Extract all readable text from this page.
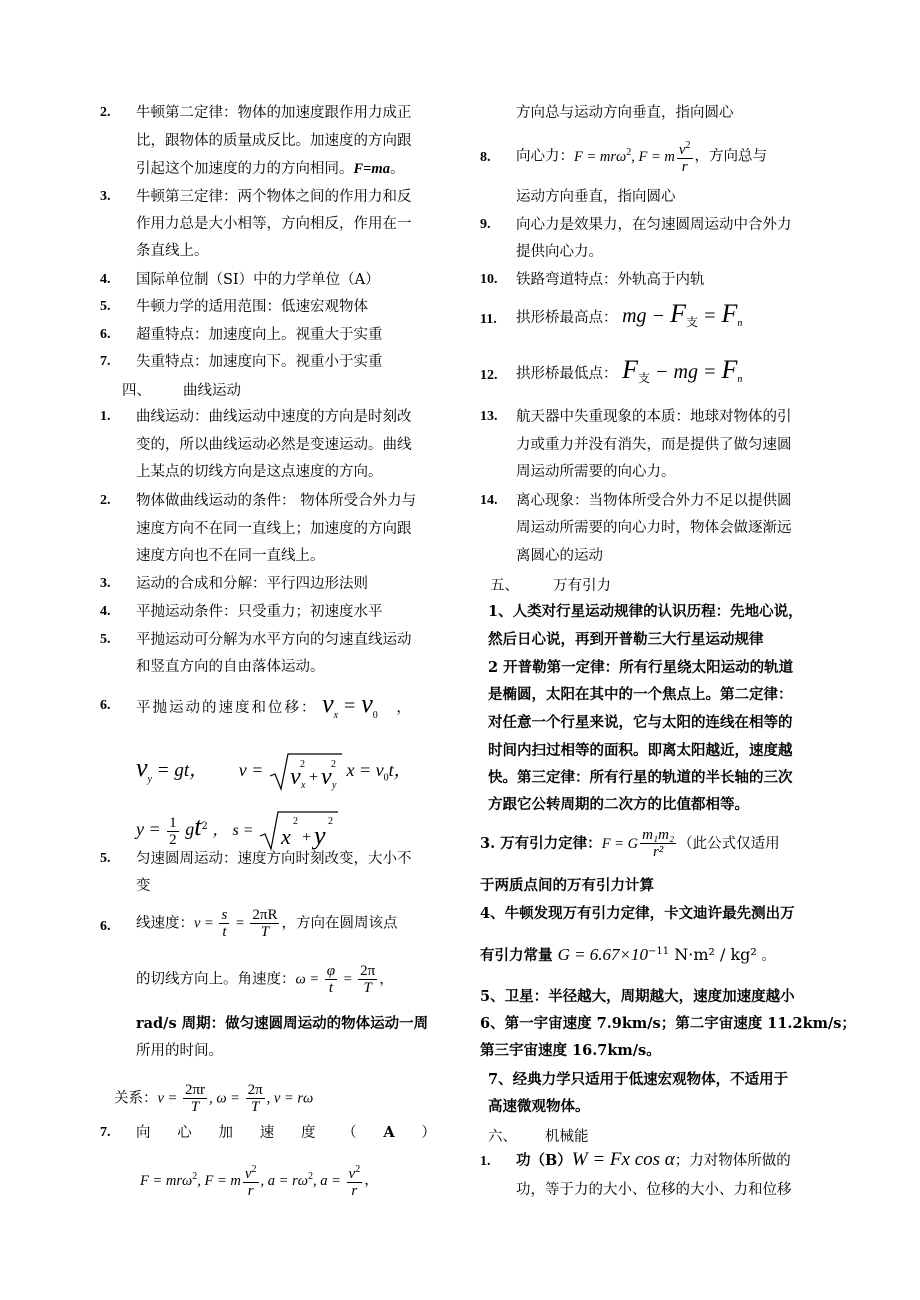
2. 牛顿第二定律：物体的加速度跟作用力成正
比，跟物体的质量成反比。加速度的方向跟
引起这个加速度的力的方向相同。F=ma。
3. 牛顿第三定律：两个物体之间的作用力和反
作用力总是大小相等，方向相反，作用在一
条直线上。
4. 国际单位制（SI）中的力学单位（A）
5. 牛顿力学的适用范围：低速宏观物体
6. 超重特点：加速度向上。视重大于实重
7. 失重特点：加速度向下。视重小于实重
四、 曲线运动
1. 曲线运动：曲线运动中速度的方向是时刻改
变的，所以曲线运动必然是变速运动。曲线
上某点的切线方向是这点速度的方向。
2. 物体做曲线运动的条件： 物体所受合外力与
速度方向不在同一直线上；加速度的方向跟
速度方向也不在同一直线上。
3. 运动的合成和分解：平行四边形法则
4. 平抛运动条件：只受重力；初速度水平
5. 平抛运动可分解为水平方向的匀速直线运动
和竖直方向的自由落体运动。
6. 平抛运动的速度和位移： $v_x = v_0$ ，
$v_y$ = gt， v = v x
2
+ v y
2 $x = v_0t$，
$y = \frac{1}{2} gt^2$ ， s = x
2
+ y 2
5. 匀速圆周运动：速度方向时刻改变，大小不
变
6. 线速度：$v = \frac{s}{t} = \frac{2\pi R}{T}$ ，方向在圆周该点
的切线方向上。角速度：$\omega = \frac{\varphi}{t} = \frac{2\pi}{T}$ ，
rad/s 周期：做匀速圆周运动的物体运动一周
所用的时间。
关系：$v = \frac{2\pi r}{T}$ , $\omega = \frac{2\pi}{T}$ , v = rω
7. 向 心 加 速 度 （ A ）
F = mrω$^2$, F = m $\frac{v^2}{r}$ , $a = r\omega^2$, $a = \frac{v^2}{r}$ ，
方向总与运动方向垂直，指向圆心
8. 向心力：F = mrω$^2$, F = m $\frac{v^2}{r}$ ，方向总与
运动方向垂直，指向圆心
9. 向心力是效果力，在匀速圆周运动中合外力
提供向心力。
10. 铁路弯道特点：外轨高于内轨
11. 拱形桥最高点： mg − $F_支 = F_n$
12. 拱形桥最低点： $F_支$ − mg = $F_n$
13. 航天器中失重现象的本质：地球对物体的引
力或重力并没有消失，而是提供了做匀速圆
周运动所需要的向心力。
14. 离心现象：当物体所受合外力不足以提供圆
周运动所需要的向心力时，物体会做逐渐远
离圆心的运动
五、 万有引力
1、人类对行星运动规律的认识历程：先地心说，
然后日心说，再到开普勒三大行星运动规律
2 开普勒第一定律：所有行星绕太阳运动的轨道
是椭圆，太阳在其中的一个焦点上。第二定律：
对任意一个行星来说，它与太阳的连线在相等的
时间内扫过相等的面积。即离太阳越近，速度越
快。第三定律：所有行星的轨道的半长轴的三次
方跟它公转周期的二次方的比值都相等。
3. 万有引力定律：F = G $\frac{\text{m₁m₂}}{\text{r²}}$ （此公式仅适用
于两质点间的万有引力计算
4、牛顿发现万有引力定律，卡文迪许最先测出万
有引力常量 $G = 6.67\times 10^{-11}$ N·m² / kg² 。
5、卫星：半径越大，周期越大，速度加速度越小
6、第一宇宙速度 7.9km/s；第二宇宙速度 11.2km/s；
第三宇宙速度 16.7km/s。
7、经典力学只适用于低速宏观物体，不适用于
高速微观物体。
六、 机械能
1. 功（B）W = Fx cos α；力对物体所做的
功，等于力的大小、位移的大小、力和位移
